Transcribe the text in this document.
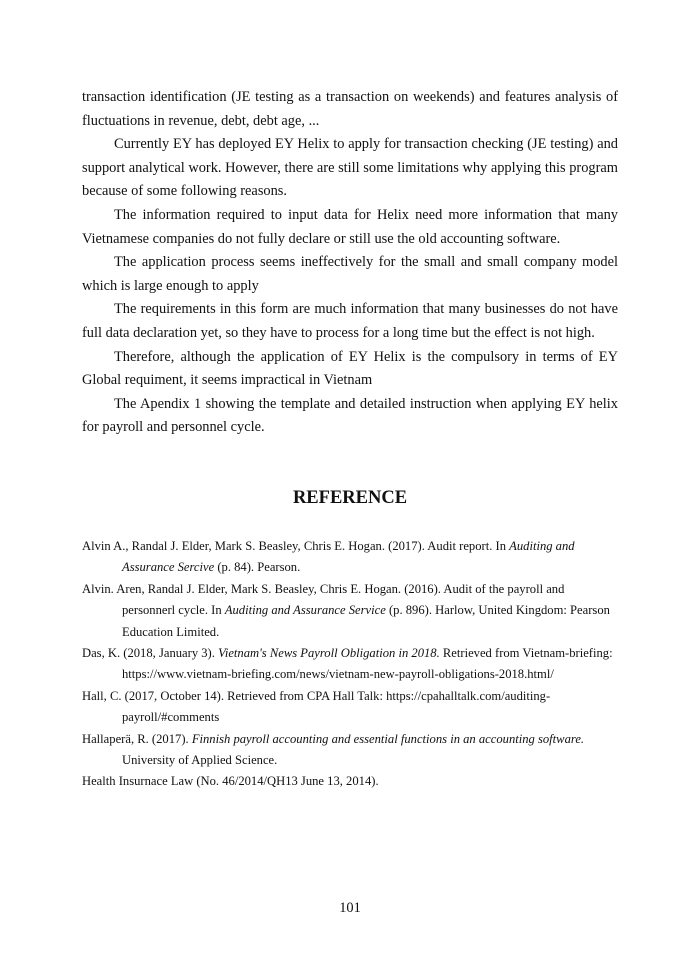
transaction identification (JE testing as a transaction on weekends) and features analysis of fluctuations in revenue, debt, debt age, ...

Currently EY has deployed EY Helix to apply for transaction checking (JE testing) and support analytical work. However, there are still some limitations why applying this program because of some following reasons.

The information required to input data for Helix need more information that many Vietnamese companies do not fully declare or still use the old accounting software.

The application process seems ineffectively for the small and small company model which is large enough to apply

The requirements in this form are much information that many businesses do not have full data declaration yet, so they have to process for a long time but the effect is not high.

Therefore, although the application of EY Helix is the compulsory in terms of EY Global requiment, it seems impractical in Vietnam

The Apendix 1 showing the template and detailed instruction when applying EY helix for payroll and personnel cycle.

REFERENCE

Alvin A., Randal J. Elder, Mark S. Beasley, Chris E. Hogan. (2017). Audit report. In Auditing and Assurance Sercive (p. 84). Pearson.

Alvin. Aren, Randal J. Elder, Mark S. Beasley, Chris E. Hogan. (2016). Audit of the payroll and personnerl cycle. In Auditing and Assurance Service (p. 896). Harlow, United Kingdom: Pearson Education Limited.

Das, K. (2018, January 3). Vietnam's News Payroll Obligation in 2018. Retrieved from Vietnam-briefing: https://www.vietnam-briefing.com/news/vietnam-new-payroll-obligations-2018.html/

Hall, C. (2017, October 14). Retrieved from CPA Hall Talk: https://cpahalltalk.com/auditing-payroll/#comments

Hallaperä, R. (2017). Finnish payroll accounting and essential functions in an accounting software. University of Applied Science.

Health Insurnace Law (No. 46/2014/QH13 June 13, 2014).

101
